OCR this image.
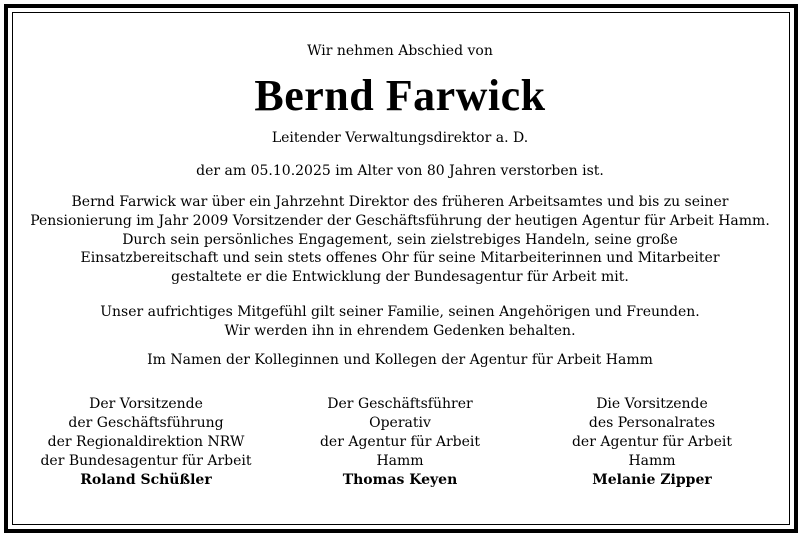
Wir nehmen Abschied von
Bernd Farwick
Leitender Verwaltungsdirektor a. D.
der am 05.10.2025 im Alter von 80 Jahren verstorben ist.
Bernd Farwick war über ein Jahrzehnt Direktor des früheren Arbeitsamtes und bis zu seiner
Pensionierung im Jahr 2009 Vorsitzender der Geschäftsführung der heutigen Agentur für Arbeit Hamm.
Durch sein persönliches Engagement, sein zielstrebiges Handeln, seine große
Einsatzbereitschaft und sein stets offenes Ohr für seine Mitarbeiterinnen und Mitarbeiter
gestaltete er die Entwicklung der Bundesagentur für Arbeit mit.
Unser aufrichtiges Mitgefühl gilt seiner Familie, seinen Angehörigen und Freunden.
Wir werden ihn in ehrendem Gedenken behalten.
Im Namen der Kolleginnen und Kollegen der Agentur für Arbeit Hamm
Der Vorsitzende
der Geschäftsführung
der Regionaldirektion NRW
der Bundesagentur für Arbeit
Roland Schüßler
Der Geschäftsführer
Operativ
der Agentur für Arbeit
Hamm
Thomas Keyen
Die Vorsitzende
des Personalrates
der Agentur für Arbeit
Hamm
Melanie Zipper
